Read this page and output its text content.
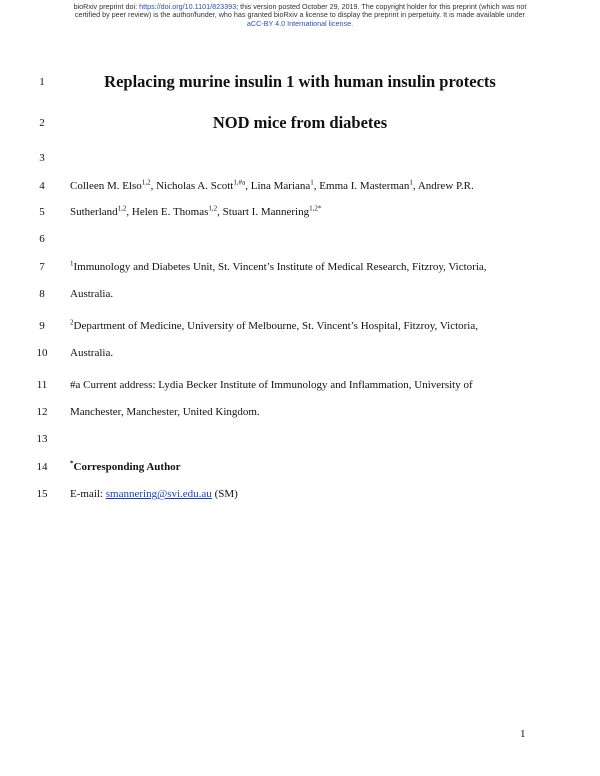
bioRxiv preprint doi: https://doi.org/10.1101/823393; this version posted October 29, 2019. The copyright holder for this preprint (which was not
certified by peer review) is the author/funder, who has granted bioRxiv a license to display the preprint in perpetuity. It is made available under
aCC-BY 4.0 International license.
1
2
3
4
5
6
7
8
9
10
11
12
13
14
15
Replacing murine insulin 1 with human insulin protects
NOD mice from diabetes
Colleen M. Elso$^{1,2}$, Nicholas A. Scott$^{1,\#a}$, Lina Mariana$^1$, Emma I. Masterman$^1$, Andrew P.R.
Sutherland$^{1,2}$, Helen E. Thomas$^{1,2}$, Stuart I. Mannering$^{1,2*}$
$^1$Immunology and Diabetes Unit, St. Vincent’s Institute of Medical Research, Fitzroy, Victoria,
Australia.
$^2$Department of Medicine, University of Melbourne, St. Vincent’s Hospital, Fitzroy, Victoria,
Australia.
#a Current address: Lydia Becker Institute of Immunology and Inflammation, University of
Manchester, Manchester, United Kingdom.
*Corresponding Author
E-mail: smannering@svi.edu.au (SM)
1
